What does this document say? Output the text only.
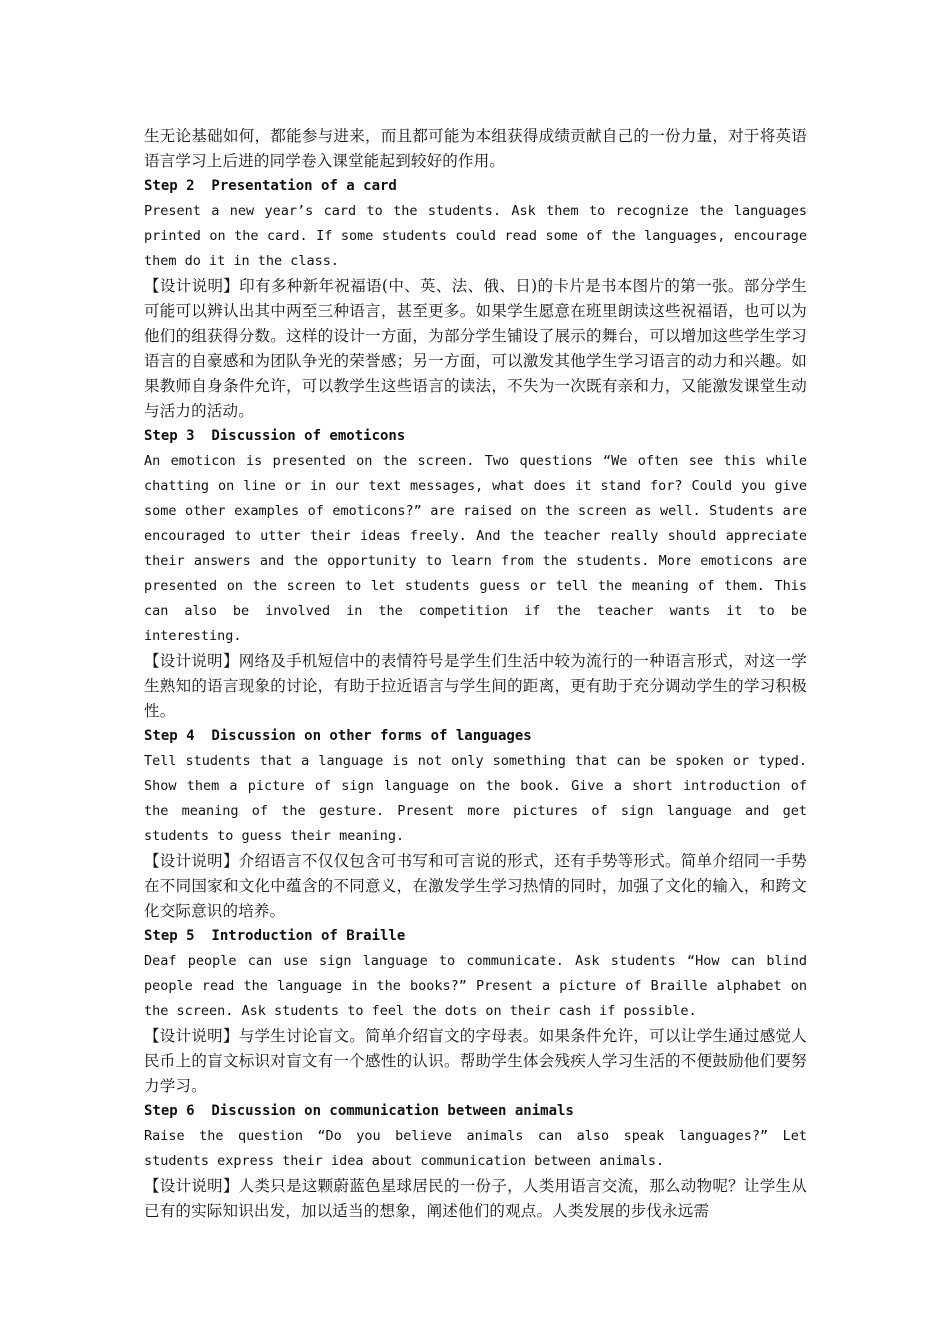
生无论基础如何，都能参与进来，而且都可能为本组获得成绩贡献自己的一份力量，对于将英语语言学习上后进的同学卷入课堂能起到较好的作用。

Step 2  Presentation of a card

Present a new year’s card to the students. Ask them to recognize the languages printed on the card. If some students could read some of the languages, encourage them do it in the class.

【设计说明】印有多种新年祝福语(中、英、法、俄、日)的卡片是书本图片的第一张。部分学生可能可以辨认出其中两至三种语言，甚至更多。如果学生愿意在班里朗读这些祝福语，也可以为他们的组获得分数。这样的设计一方面，为部分学生铺设了展示的舞台，可以增加这些学生学习语言的自豪感和为团队争光的荣誉感；另一方面，可以激发其他学生学习语言的动力和兴趣。如果教师自身条件允许，可以教学生这些语言的读法，不失为一次既有亲和力，又能激发课堂生动与活力的活动。

Step 3  Discussion of emoticons

An emoticon is presented on the screen. Two questions “We often see this while chatting on line or in our text messages, what does it stand for? Could you give some other examples of emoticons?” are raised on the screen as well. Students are encouraged to utter their ideas freely. And the teacher really should appreciate their answers and the opportunity to learn from the students. More emoticons are presented on the screen to let students guess or tell the meaning of them. This can also be involved in the competition if the teacher wants it to be interesting.

【设计说明】网络及手机短信中的表情符号是学生们生活中较为流行的一种语言形式，对这一学生熟知的语言现象的讨论，有助于拉近语言与学生间的距离，更有助于充分调动学生的学习积极性。

Step 4  Discussion on other forms of languages

Tell students that a language is not only something that can be spoken or typed. Show them a picture of sign language on the book. Give a short introduction of the meaning of the gesture. Present more pictures of sign language and get students to guess their meaning.

【设计说明】介绍语言不仅仅包含可书写和可言说的形式，还有手势等形式。简单介绍同一手势在不同国家和文化中蕴含的不同意义，在激发学生学习热情的同时，加强了文化的输入，和跨文化交际意识的培养。

Step 5  Introduction of Braille

Deaf people can use sign language to communicate. Ask students “How can blind people read the language in the books?” Present a picture of Braille alphabet on the screen. Ask students to feel the dots on their cash if possible.

【设计说明】与学生讨论盲文。简单介绍盲文的字母表。如果条件允许，可以让学生通过感觉人民币上的盲文标识对盲文有一个感性的认识。帮助学生体会残疾人学习生活的不便鼓励他们要努力学习。

Step 6  Discussion on communication between animals

Raise the question “Do you believe animals can also speak languages?” Let students express their idea about communication between animals.

【设计说明】人类只是这颗蔚蓝色星球居民的一份子，人类用语言交流，那么动物呢？让学生从已有的实际知识出发，加以适当的想象，阐述他们的观点。人类发展的步伐永远需
